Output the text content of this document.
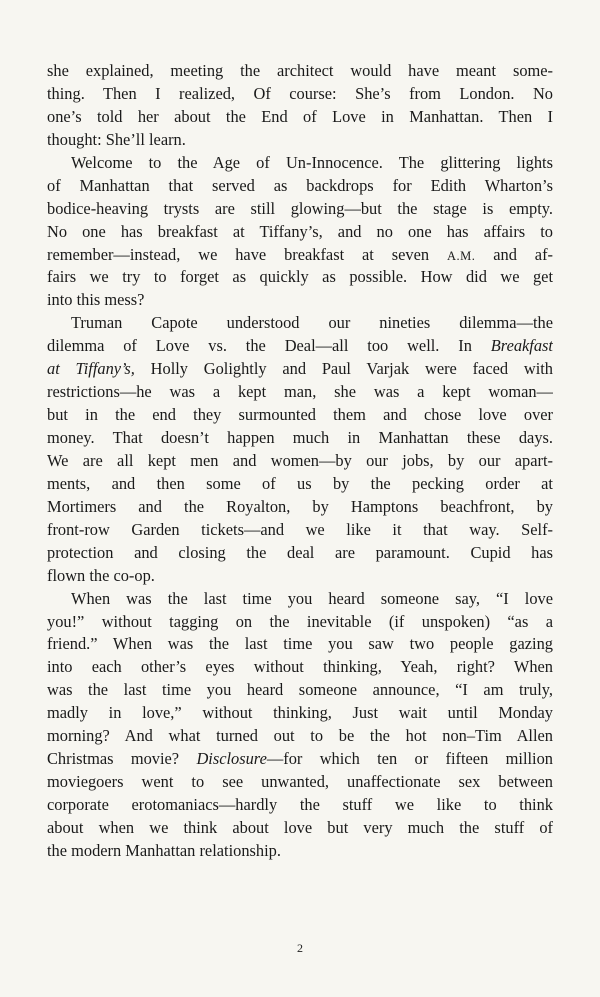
she explained, meeting the architect would have meant some-
thing. Then I realized, Of course: She’s from London. No
one’s told her about the End of Love in Manhattan. Then I
thought: She’ll learn.

Welcome to the Age of Un-Innocence. The glittering lights
of Manhattan that served as backdrops for Edith Wharton’s
bodice-heaving trysts are still glowing—but the stage is empty.
No one has breakfast at Tiffany’s, and no one has affairs to
remember—instead, we have breakfast at seven A.M. and af-
fairs we try to forget as quickly as possible. How did we get
into this mess?

Truman Capote understood our nineties dilemma—the
dilemma of Love vs. the Deal—all too well. In Breakfast
at Tiffany’s, Holly Golightly and Paul Varjak were faced with
restrictions—he was a kept man, she was a kept woman—
but in the end they surmounted them and chose love over
money. That doesn’t happen much in Manhattan these days.
We are all kept men and women—by our jobs, by our apart-
ments, and then some of us by the pecking order at
Mortimers and the Royalton, by Hamptons beachfront, by
front-row Garden tickets—and we like it that way. Self-
protection and closing the deal are paramount. Cupid has
flown the co-op.

When was the last time you heard someone say, “I love
you!” without tagging on the inevitable (if unspoken) “as a
friend.” When was the last time you saw two people gazing
into each other’s eyes without thinking, Yeah, right? When
was the last time you heard someone announce, “I am truly,
madly in love,” without thinking, Just wait until Monday
morning? And what turned out to be the hot non–Tim Allen
Christmas movie? Disclosure—for which ten or fifteen million
moviegoers went to see unwanted, unaffectionate sex between
corporate erotomaniacs—hardly the stuff we like to think
about when we think about love but very much the stuff of
the modern Manhattan relationship.

2
